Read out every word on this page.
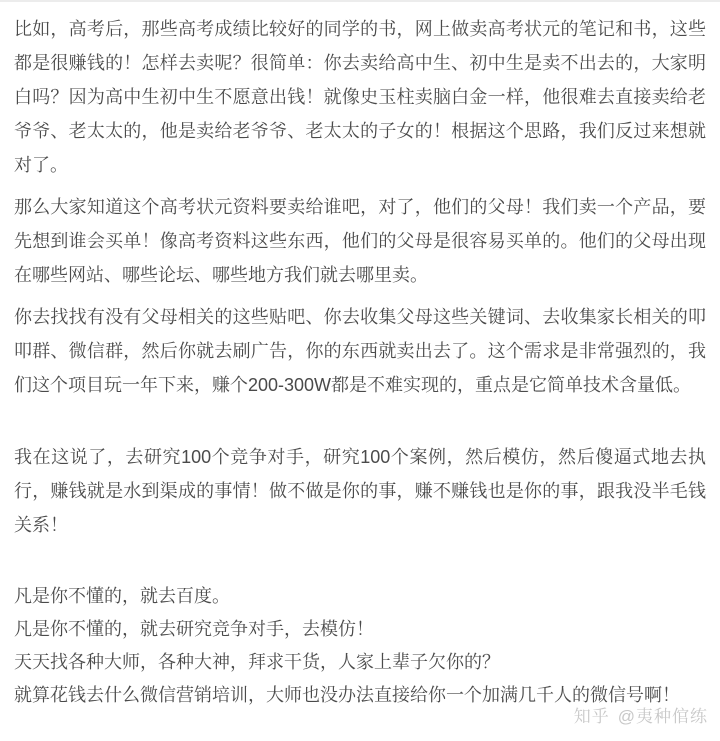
比如，高考后，那些高考成绩比较好的同学的书，网上做卖高考状元的笔记和书，这些都是很赚钱的！怎样去卖呢？很简单：你去卖给高中生、初中生是卖不出去的，大家明白吗？因为高中生初中生不愿意出钱！就像史玉柱卖脑白金一样，他很难去直接卖给老爷爷、老太太的，他是卖给老爷爷、老太太的子女的！根据这个思路，我们反过来想就对了。

那么大家知道这个高考状元资料要卖给谁吧，对了，他们的父母！我们卖一个产品，要先想到谁会买单！像高考资料这些东西，他们的父母是很容易买单的。他们的父母出现在哪些网站、哪些论坛、哪些地方我们就去哪里卖。

你去找找有没有父母相关的这些贴吧、你去收集父母这些关键词、去收集家长相关的叩叩群、微信群，然后你就去刷广告，你的东西就卖出去了。这个需求是非常强烈的，我们这个项目玩一年下来，赚个200-300W都是不难实现的，重点是它简单技术含量低。

我在这说了，去研究100个竞争对手，研究100个案例，然后模仿，然后傻逼式地去执行，赚钱就是水到渠成的事情！做不做是你的事，赚不赚钱也是你的事，跟我没半毛钱关系！

凡是你不懂的，就去百度。

凡是你不懂的，就去研究竞争对手，去模仿！

天天找各种大师，各种大神，拜求干货，人家上辈子欠你的？

就算花钱去什么微信营销培训，大师也没办法直接给你一个加满几千人的微信号啊！

知乎 @夷种倌练
